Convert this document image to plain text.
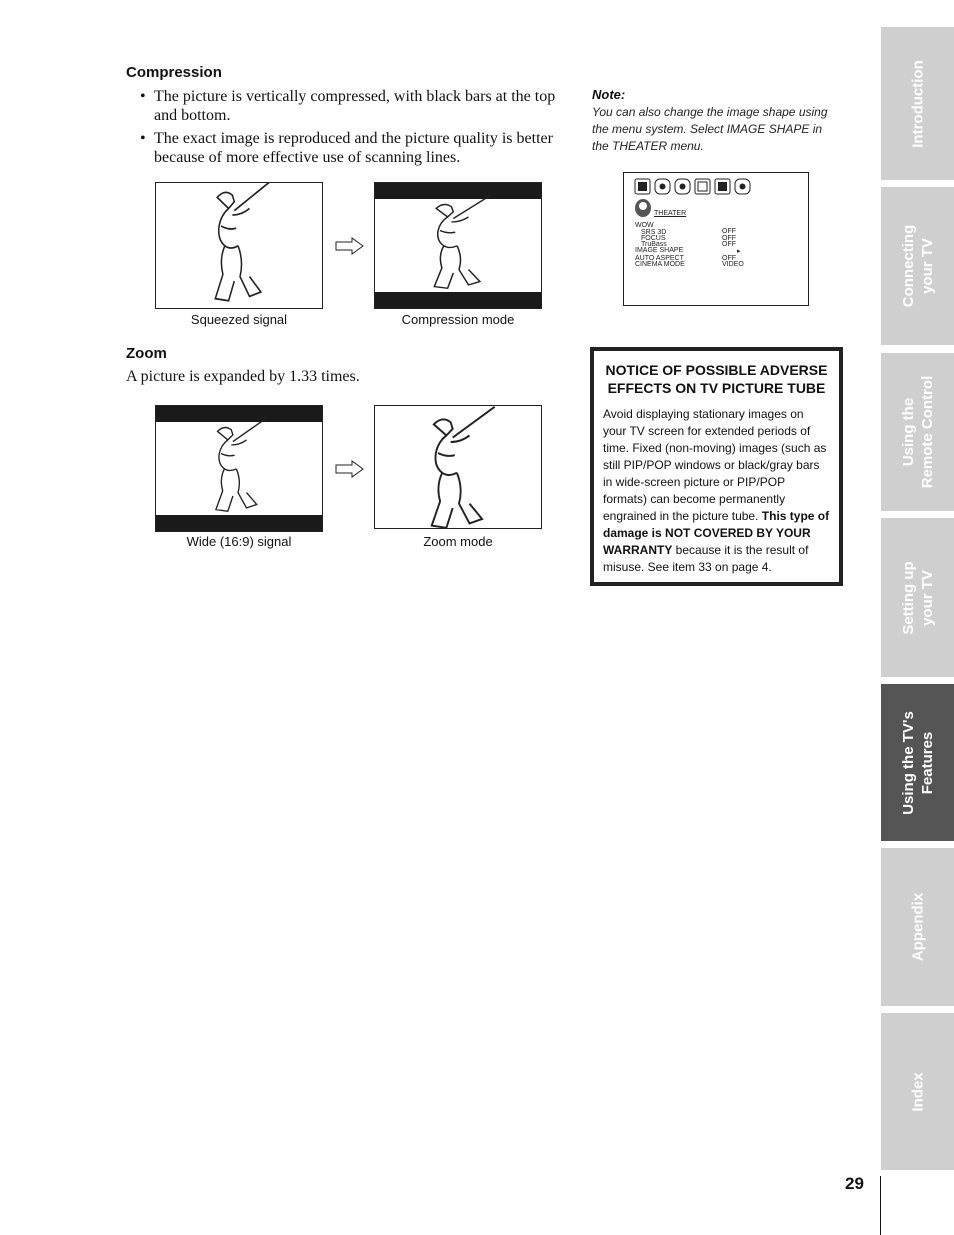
Compression
• The picture is vertically compressed, with black bars at the top and bottom.
• The exact image is reproduced and the picture quality is better because of more effective use of scanning lines.
Squeezed signal	Compression mode
Zoom
A picture is expanded by 1.33 times.
Wide (16:9) signal	Zoom mode
Note:
You can also change the image shape using the menu system. Select IMAGE SHAPE in the THEATER menu.
THEATER
WOW
SRS 3D	OFF
FOCUS	OFF
TruBass	OFF
IMAGE SHAPE	▸
AUTO ASPECT	OFF
CINEMA MODE	VIDEO
NOTICE OF POSSIBLE ADVERSE
EFFECTS ON TV PICTURE TUBE
Avoid displaying stationary images on your TV screen for extended periods of time. Fixed (non-moving) images (such as still PIP/POP windows or black/gray bars in wide-screen picture or PIP/POP formats) can become permanently engrained in the picture tube. This type of damage is NOT COVERED BY YOUR WARRANTY because it is the result of misuse. See item 33 on page 4.
Introduction
Connecting your TV
Using the Remote Control
Setting up your TV
Using the TV's Features
Appendix
Index
29
